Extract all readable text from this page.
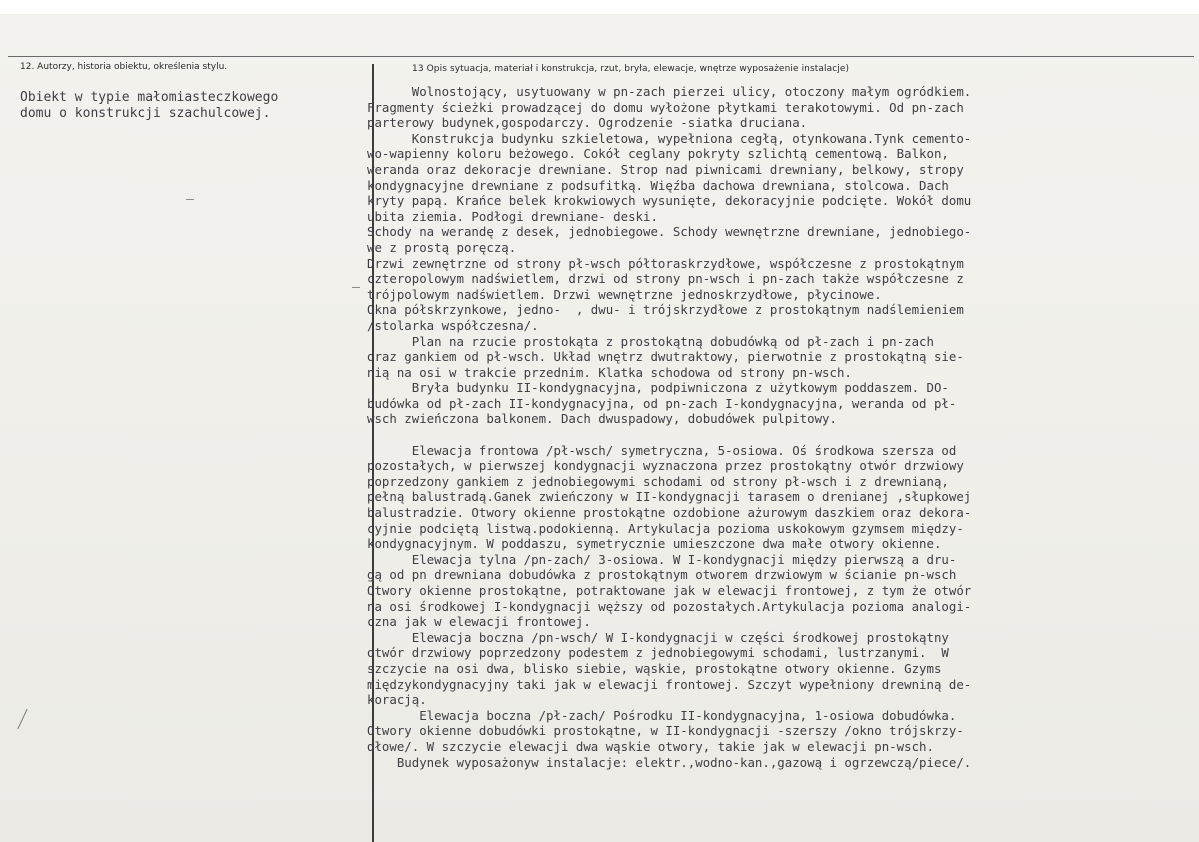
12. Autorzy, historia obiektu, określenia stylu.	13 Opis sytuacja, materiał i konstrukcja, rzut, bryła, elewacje, wnętrze wyposażenie instalacje)
Obiekt w typie małomiasteczkowego
domu o konstrukcji szachulcowej.
Wolnostojący, usytuowany w pn-zach pierzei ulicy, otoczony małym ogródkiem.
Fragmenty ścieżki prowadzącej do domu wyłożone płytkami terakotowymi. Od pn-zach
parterowy budynek,gospodarczy. Ogrodzenie -siatka druciana.
Konstrukcja budynku szkieletowa, wypełniona cegłą, otynkowana.Tynk cemento-
wo-wapienny koloru beżowego. Cokół ceglany pokryty szlichtą cementową. Balkon,
weranda oraz dekoracje drewniane. Strop nad piwnicami drewniany, belkowy, stropy
kondygnacyjne drewniane z podsufitką. Więźba dachowa drewniana, stolcowa. Dach
kryty papą. Krańce belek krokwiowych wysunięte, dekoracyjnie podcięte. Wokół domu
ubita ziemia. Podłogi drewniane- deski.
Schody na werandę z desek, jednobiegowe. Schody wewnętrzne drewniane, jednobiego-
we z prostą poręczą.
Drzwi zewnętrzne od strony pł-wsch półtoraskrzydłowe, współczesne z prostokątnym
czteropolowym nadświetlem, drzwi od strony pn-wsch i pn-zach także współczesne z
trójpolowym nadświetlem. Drzwi wewnętrzne jednoskrzydłowe, płycinowe.
Okna półskrzynkowe, jedno-  , dwu- i trójskrzydłowe z prostokątnym nadślemieniem
/stolarka współczesna/.
Plan na rzucie prostokąta z prostokątną dobudówką od pł-zach i pn-zach
oraz gankiem od pł-wsch. Układ wnętrz dwutraktowy, pierwotnie z prostokątną sie-
nią na osi w trakcie przednim. Klatka schodowa od strony pn-wsch.
Bryła budynku II-kondygnacyjna, podpiwniczona z użytkowym poddaszem. DO-
budówka od pł-zach II-kondygnacyjna, od pn-zach I-kondygnacyjna, weranda od pł-
wsch zwieńczona balkonem. Dach dwuspadowy, dobudówek pulpitowy.
Elewacja frontowa /pł-wsch/ symetryczna, 5-osiowa. Oś środkowa szersza od
pozostałych, w pierwszej kondygnacji wyznaczona przez prostokątny otwór drzwiowy
poprzedzony gankiem z jednobiegowymi schodami od strony pł-wsch i z drewnianą,
pełną balustradą.Ganek zwieńczony w II-kondygnacji tarasem o drenianej ,słupkowej
balustradzie. Otwory okienne prostokątne ozdobione ażurowym daszkiem oraz dekora-
cyjnie podciętą listwą.podokienną. Artykulacja pozioma uskokowym gzymsem między-
kondygnacyjnym. W poddaszu, symetrycznie umieszczone dwa małe otwory okienne.
Elewacja tylna /pn-zach/ 3-osiowa. W I-kondygnacji między pierwszą a dru-
gą od pn drewniana dobudówka z prostokątnym otworem drzwiowym w ścianie pn-wsch
Otwory okienne prostokątne, potraktowane jak w elewacji frontowej, z tym że otwór
na osi środkowej I-kondygnacji węższy od pozostałych.Artykulacja pozioma analogi-
czna jak w elewacji frontowej.
Elewacja boczna /pn-wsch/ W I-kondygnacji w części środkowej prostokątny
otwór drzwiowy poprzedzony podestem z jednobiegowymi schodami, lustrzanymi.  W
szczycie na osi dwa, blisko siebie, wąskie, prostokątne otwory okienne. Gzyms
międzykondygnacyjny taki jak w elewacji frontowej. Szczyt wypełniony drewniną de-
koracją.
Elewacja boczna /pł-zach/ Pośrodku II-kondygnacyjna, 1-osiowa dobudówka.
Otwory okienne dobudówki prostokątne, w II-kondygnacji -szerszy /okno trójskrzy-
dłowe/. W szczycie elewacji dwa wąskie otwory, takie jak w elewacji pn-wsch.
Budynek wyposażonyw instalacje: elektr.,wodno-kan.,gazową i ogrzewczą/piece/.
